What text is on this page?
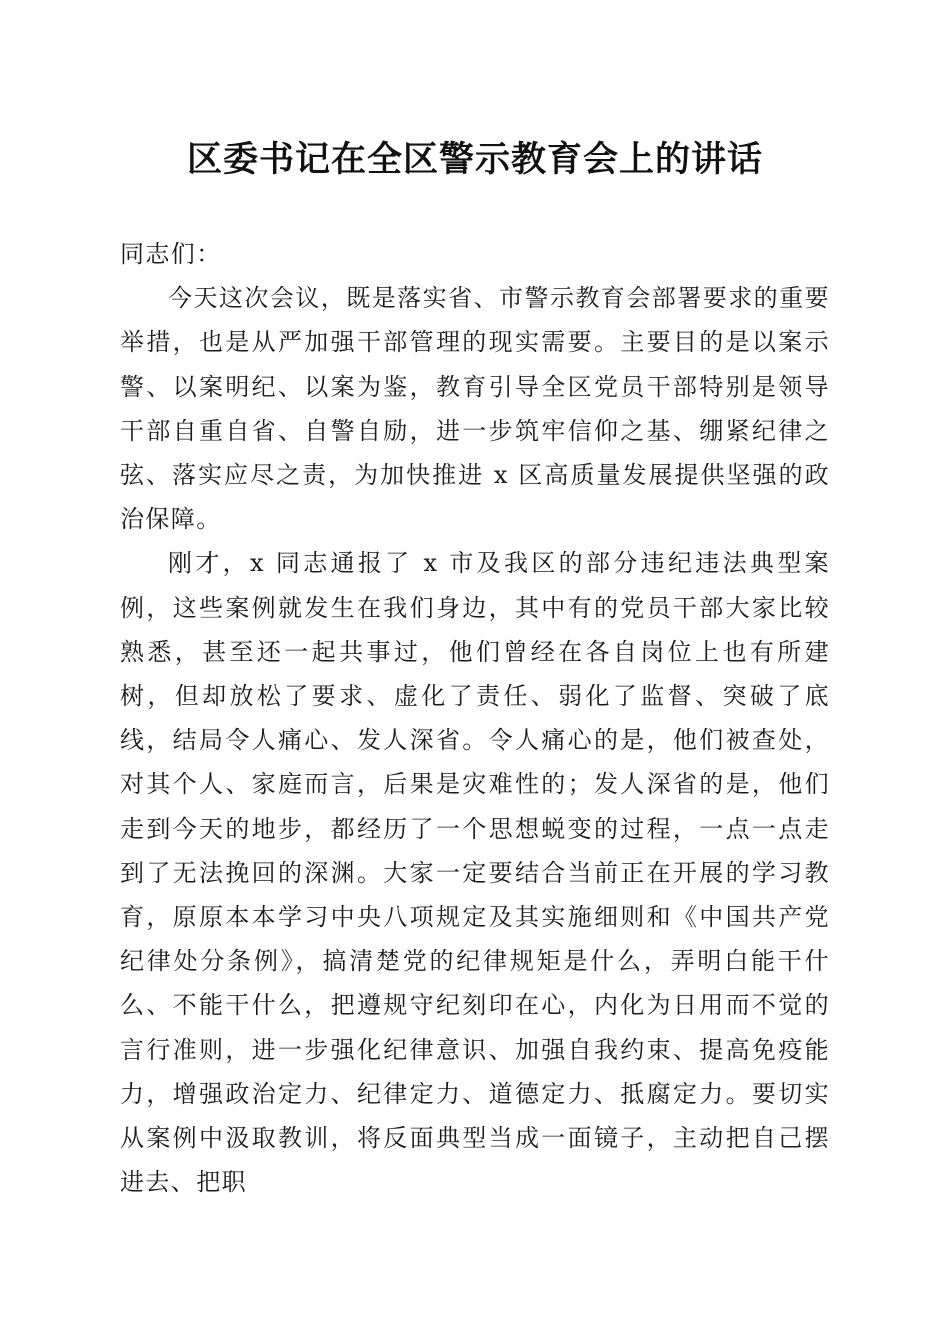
区委书记在全区警示教育会上的讲话

同志们：

今天这次会议，既是落实省、市警示教育会部署要求的重要举措，也是从严加强干部管理的现实需要。主要目的是以案示警、以案明纪、以案为鉴，教育引导全区党员干部特别是领导干部自重自省、自警自励，进一步筑牢信仰之基、绷紧纪律之弦、落实应尽之责，为加快推进 x 区高质量发展提供坚强的政治保障。

刚才，x 同志通报了 x 市及我区的部分违纪违法典型案例，这些案例就发生在我们身边，其中有的党员干部大家比较熟悉，甚至还一起共事过，他们曾经在各自岗位上也有所建树，但却放松了要求、虚化了责任、弱化了监督、突破了底线，结局令人痛心、发人深省。令人痛心的是，他们被查处，对其个人、家庭而言，后果是灾难性的；发人深省的是，他们走到今天的地步，都经历了一个思想蜕变的过程，一点一点走到了无法挽回的深渊。大家一定要结合当前正在开展的学习教育，原原本本学习中央八项规定及其实施细则和《中国共产党纪律处分条例》，搞清楚党的纪律规矩是什么，弄明白能干什么、不能干什么，把遵规守纪刻印在心，内化为日用而不觉的言行准则，进一步强化纪律意识、加强自我约束、提高免疫能力，增强政治定力、纪律定力、道德定力、抵腐定力。要切实从案例中汲取教训，将反面典型当成一面镜子，主动把自己摆进去、把职
